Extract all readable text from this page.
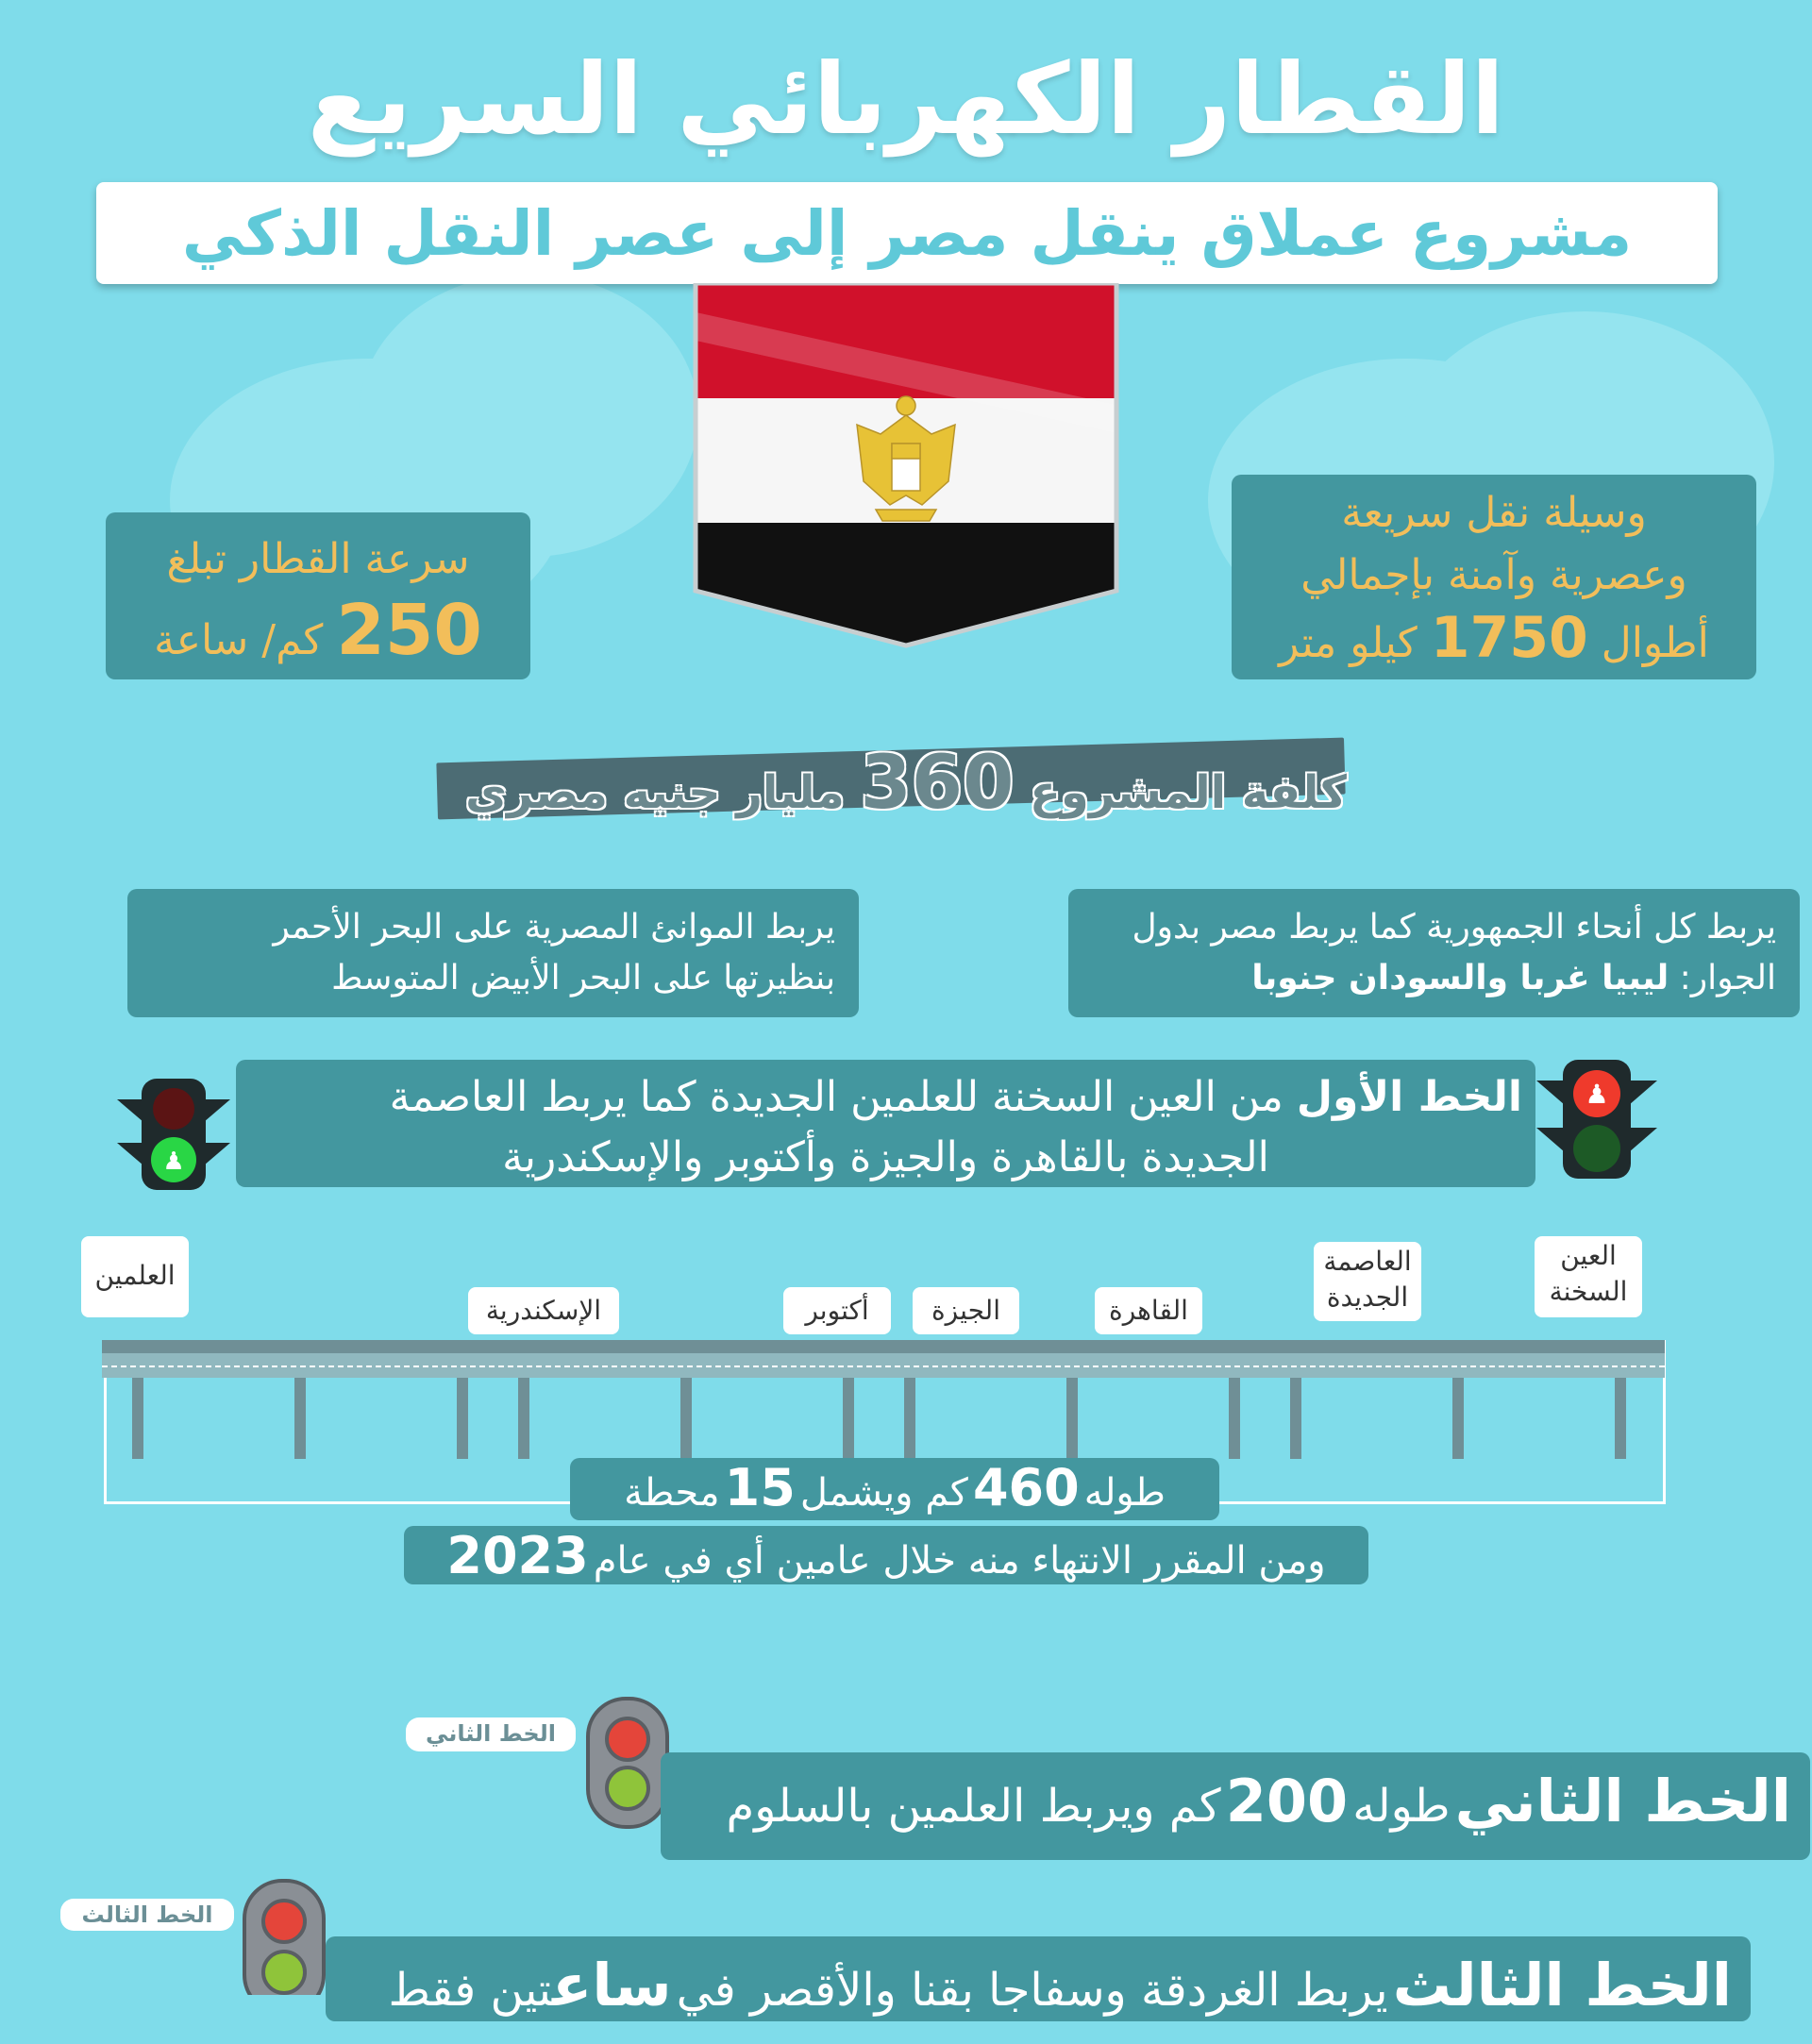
القطار الكهربائي السريع
مشروع عملاق ينقل مصر إلى عصر النقل الذكي
سرعة القطار تبلغ
250 كم/ ساعة
وسيلة نقل سريعة
وعصرية وآمنة بإجمالي
أطوال 1750 كيلو متر
كلفة المشروع 360 مليار جنيه مصري
يربط الموانئ المصرية على البحر الأحمر
بنظيرتها على البحر الأبيض المتوسط
يربط كل أنحاء الجمهورية كما يربط مصر بدول
الجوار: ليبيا غربا والسودان جنوبا
♟
♟
الخط الأول من العين السخنة للعلمين الجديدة كما يربط العاصمة
الجديدة بالقاهرة والجيزة وأكتوبر والإسكندرية
العين
السخنة
العاصمة
الجديدة
القاهرة
الجيزة
أكتوبر
الإسكندرية
العلمين
طوله 460 كم ويشمل 15 محطة
ومن المقرر الانتهاء منه خلال عامين أي في عام 2023
الخط الثاني
الخط الثاني طوله 200 كم ويربط العلمين بالسلوم
الخط الثالث
الخط الثالث يربط الغردقة وسفاجا بقنا والأقصر في ساعتين فقط
